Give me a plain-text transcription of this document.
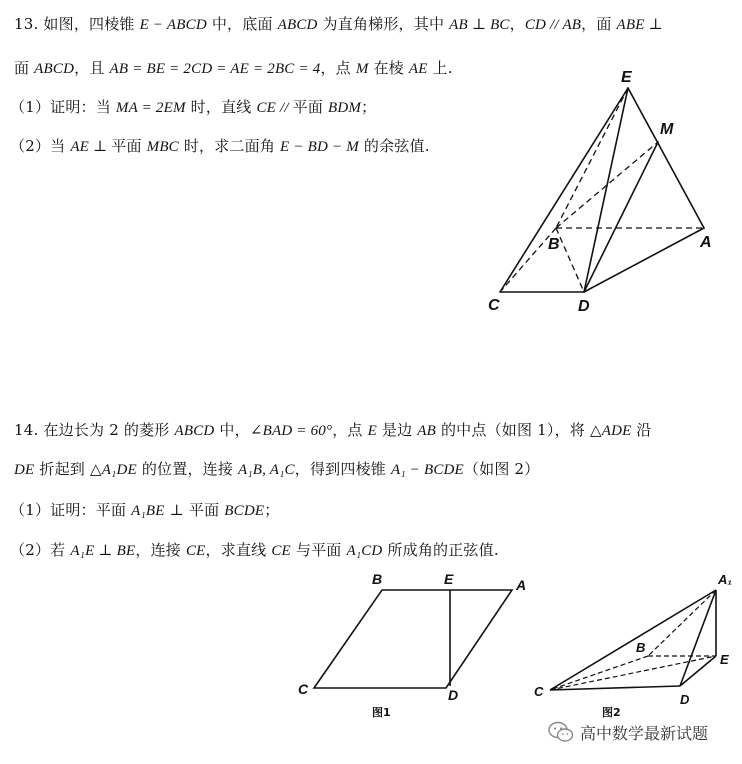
13. 如图，四棱锥 E − ABCD 中，底面 ABCD 为直角梯形，其中 AB ⊥ BC，CD // AB，面 ABE ⊥
面 ABCD，且 AB = BE = 2CD = AE = 2BC = 4，点 M 在棱 AE 上.
（1）证明：当 MA = 2EM 时，直线 CE // 平面 BDM；
（2）当 AE ⊥ 平面 MBC 时，求二面角 E − BD − M 的余弦值.
E
M
B	A
C	D
14. 在边长为 2 的菱形 ABCD 中，∠BAD = 60°，点 E 是边 AB 的中点（如图 1），将 △ADE 沿
DE 折起到 △A₁DE 的位置，连接 A₁B, A₁C，得到四棱锥 A₁ − BCDE（如图 2）
（1）证明：平面 A₁BE ⊥ 平面 BCDE；
（2）若 A₁E ⊥ BE，连接 CE，求直线 CE 与平面 A₁CD 所成角的正弦值.
B	E	A
C	D
图1
A₁
B
E
C
D
图2
高中数学最新试题
